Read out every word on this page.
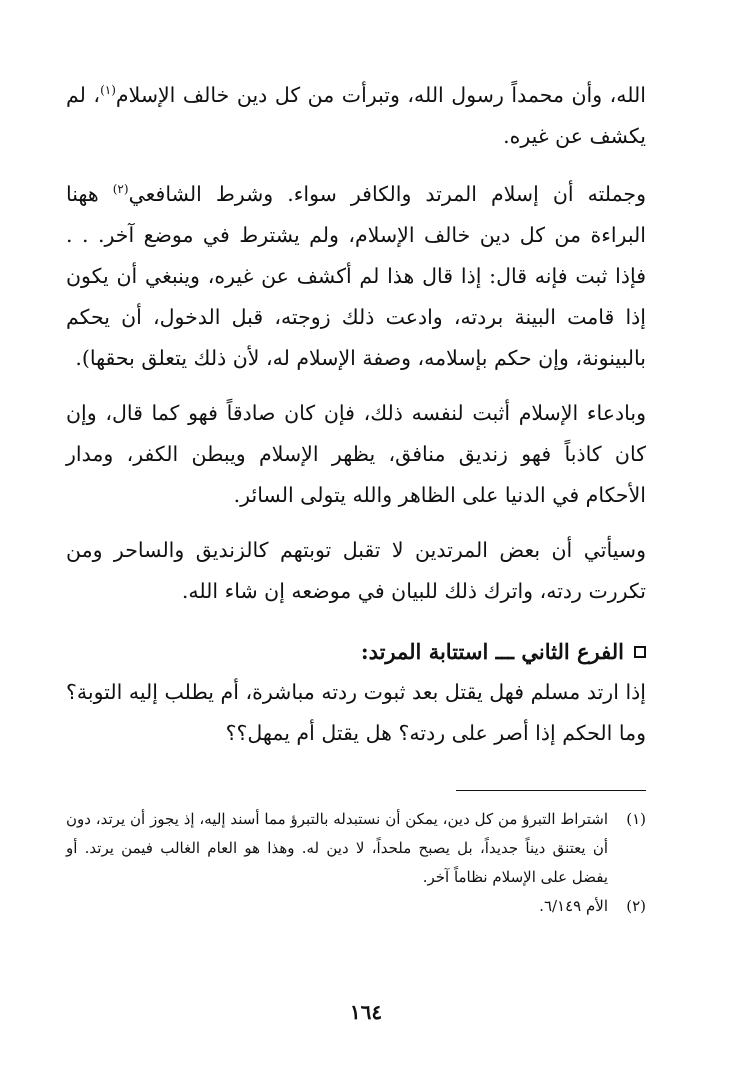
الله، وأن محمداً رسول الله، وتبرأت من كل دين خالف الإسلام$^{(١)}$، لم يكشف عن غيره.

وجملته أن إسلام المرتد والكافر سواء. وشرط الشافعي$^{(٢)}$ ههنا البراءة من كل دين خالف الإسلام، ولم يشترط في موضع آخر. . . فإذا ثبت فإنه قال: إذا قال هذا لم أكشف عن غيره، وينبغي أن يكون إذا قامت البينة بردته، وادعت ذلك زوجته، قبل الدخول، أن يحكم بالبينونة، وإن حكم بإسلامه، وصفة الإسلام له، لأن ذلك يتعلق بحقها).

وبادعاء الإسلام أثبت لنفسه ذلك، فإن كان صادقاً فهو كما قال، وإن كان كاذباً فهو زنديق منافق، يظهر الإسلام ويبطن الكفر، ومدار الأحكام في الدنيا على الظاهر والله يتولى السائر.

وسيأتي أن بعض المرتدين لا تقبل توبتهم كالزنديق والساحر ومن تكررت ردته، واترك ذلك للبيان في موضعه إن شاء الله.

الفرع الثاني ـــ استتابة المرتد:

إذا ارتد مسلم فهل يقتل بعد ثبوت ردته مباشرة، أم يطلب إليه التوبة؟ وما الحكم إذا أصر على ردته؟ هل يقتل أم يمهل؟؟

(١)
اشتراط التبرؤ من كل دين، يمكن أن نستبدله بالتبرؤ مما أسند إليه، إذ يجوز أن يرتد، دون أن يعتنق ديناً جديداً، بل يصبح ملحداً، لا دين له. وهذا هو العام الغالب فيمن يرتد. أو يفضل على الإسلام نظاماً آخر.
(٢)
الأم ٦/١٤٩.
١٦٤
